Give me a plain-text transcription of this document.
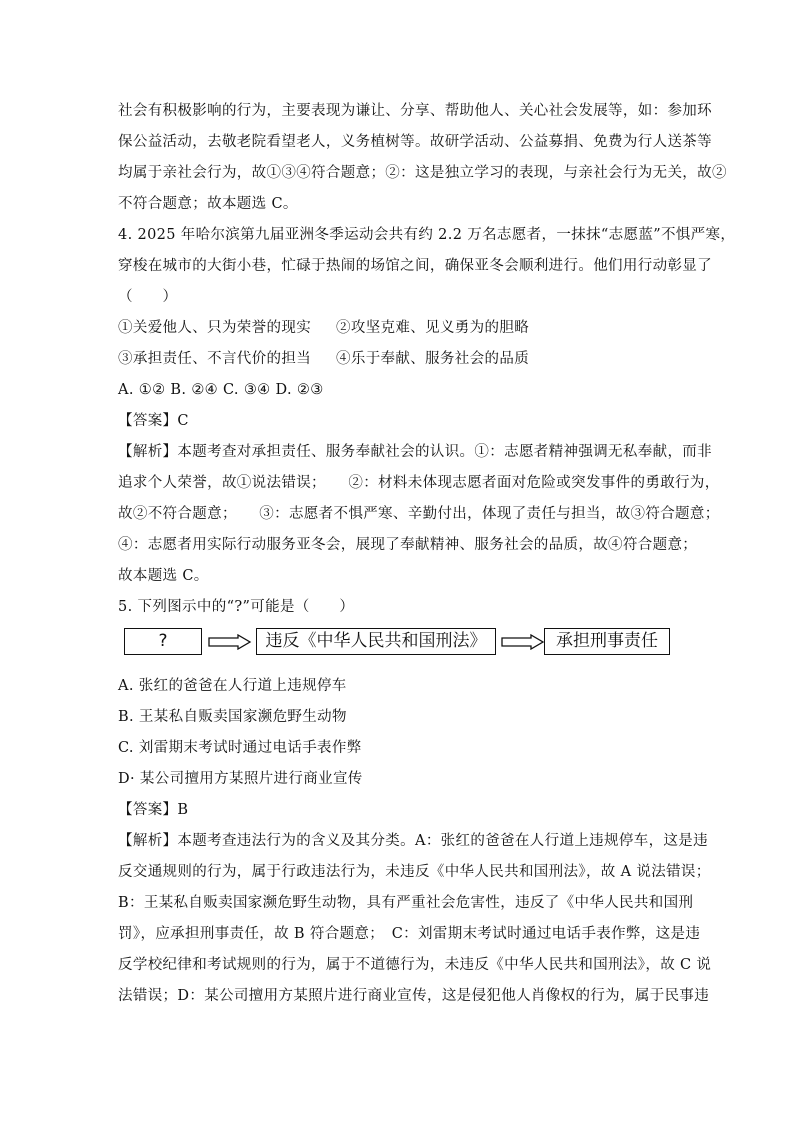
社会有积极影响的行为，主要表现为谦让、分享、帮助他人、关心社会发展等，如：参加环

保公益活动，去敬老院看望老人，义务植树等。故研学活动、公益募捐、免费为行人送茶等

均属于亲社会行为，故①③④符合题意；②：这是独立学习的表现，与亲社会行为无关，故②

不符合题意；故本题选 C。

4. 2025 年哈尔滨第九届亚洲冬季运动会共有约 2.2 万名志愿者，一抹抹“志愿蓝”不惧严寒，

穿梭在城市的大街小巷，忙碌于热闹的场馆之间，确保亚冬会顺利进行。他们用行动彰显了

（　　）

①关爱他人、只为荣誉的现实 ②攻坚克难、见义勇为的胆略

③承担责任、不言代价的担当 ④乐于奉献、服务社会的品质

A. ①② B. ②④ C. ③④ D. ②③

【答案】C

【解析】本题考查对承担责任、服务奉献社会的认识。①：志愿者精神强调无私奉献，而非

追求个人荣誉，故①说法错误；　　②：材料未体现志愿者面对危险或突发事件的勇敢行为，

故②不符合题意；　　③：志愿者不惧严寒、辛勤付出，体现了责任与担当，故③符合题意；

④：志愿者用实际行动服务亚冬会，展现了奉献精神、服务社会的品质，故④符合题意；

故本题选 C。

5. 下列图示中的“?”可能是（　　）

?	违反《中华人民共和国刑法》	承担刑事责任

A. 张红的爸爸在人行道上违规停车

B. 王某私自贩卖国家濒危野生动物

C. 刘雷期末考试时通过电话手表作弊

D· 某公司擅用方某照片进行商业宣传

【答案】B

【解析】本题考查违法行为的含义及其分类。A：张红的爸爸在人行道上违规停车，这是违

反交通规则的行为，属于行政违法行为，未违反《中华人民共和国刑法》，故 A 说法错误；

B：王某私自贩卖国家濒危野生动物，具有严重社会危害性，违反了《中华人民共和国刑

罚》，应承担刑事责任，故 B 符合题意；　C：刘雷期末考试时通过电话手表作弊，这是违

反学校纪律和考试规则的行为，属于不道德行为，未违反《中华人民共和国刑法》，故 C 说

法错误；D：某公司擅用方某照片进行商业宣传，这是侵犯他人肖像权的行为，属于民事违
